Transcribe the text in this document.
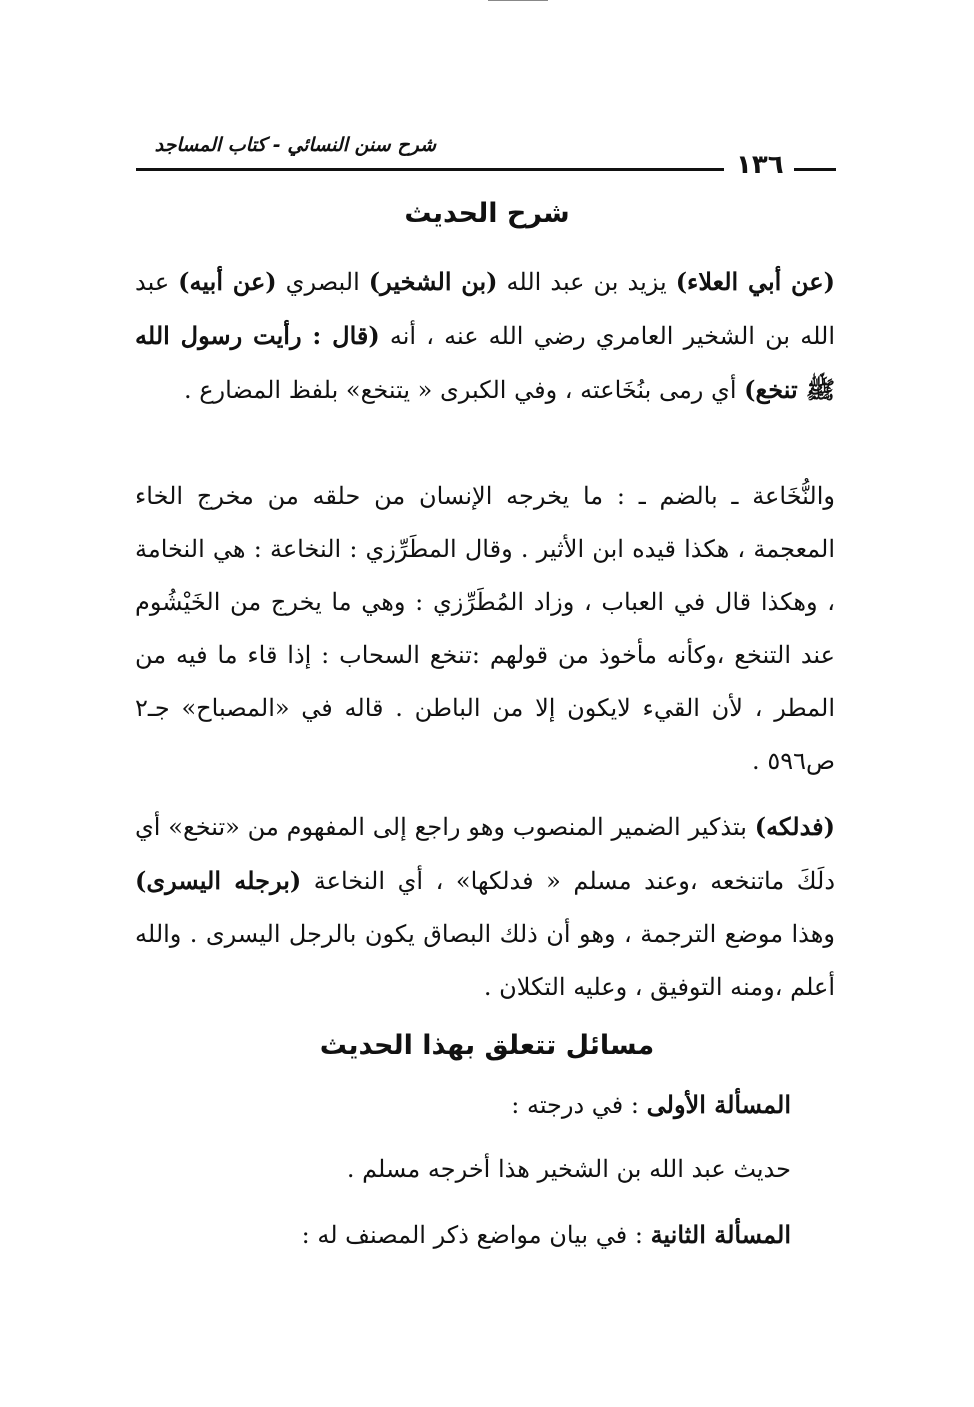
شرح سنن النسائي - كتاب المساجد
١٣٦
شرح الحديث

(عن أبي العلاء) يزيد بن عبد الله (بن الشخير) البصري (عن أبيه) عبد الله بن الشخير العامري رضي الله عنه ، أنه (قال : رأيت رسول الله ﷺ تنخع) أي رمى بنُخَاعته ، وفي الكبرى « يتنخع» بلفظ المضارع .

والنُّخَاعة ـ بالضم ـ : ما يخرجه الإنسان من حلقه من مخرج الخاء المعجمة ، هكذا قيده ابن الأثير . وقال المطَرِّزي : النخاعة : هي النخامة ، وهكذا قال في العباب ، وزاد المُطَرِّزي : وهي ما يخرج من الخَيْشُوم عند التنخع ،وكأنه مأخوذ من قولهم :تنخع السحاب : إذا قاء ما فيه من المطر ، لأن القيء لايكون إلا من الباطن . قاله في «المصباح» جـ٢ ص٥٩٦ .

(فدلكه) بتذكير الضمير المنصوب وهو راجع إلى المفهوم من «تنخع» أي دلَكَ ماتنخعه ،وعند مسلم « فدلكها» ، أي النخاعة (برجله اليسرى) وهذا موضع الترجمة ، وهو أن ذلك البصاق يكون بالرجل اليسرى . والله أعلم ،ومنه التوفيق ، وعليه التكلان .

مسائل تتعلق بهذا الحديث
المسألة الأولى : في درجته :
حديث عبد الله بن الشخير هذا أخرجه مسلم .
المسألة الثانية : في بيان مواضع ذكر المصنف له :
